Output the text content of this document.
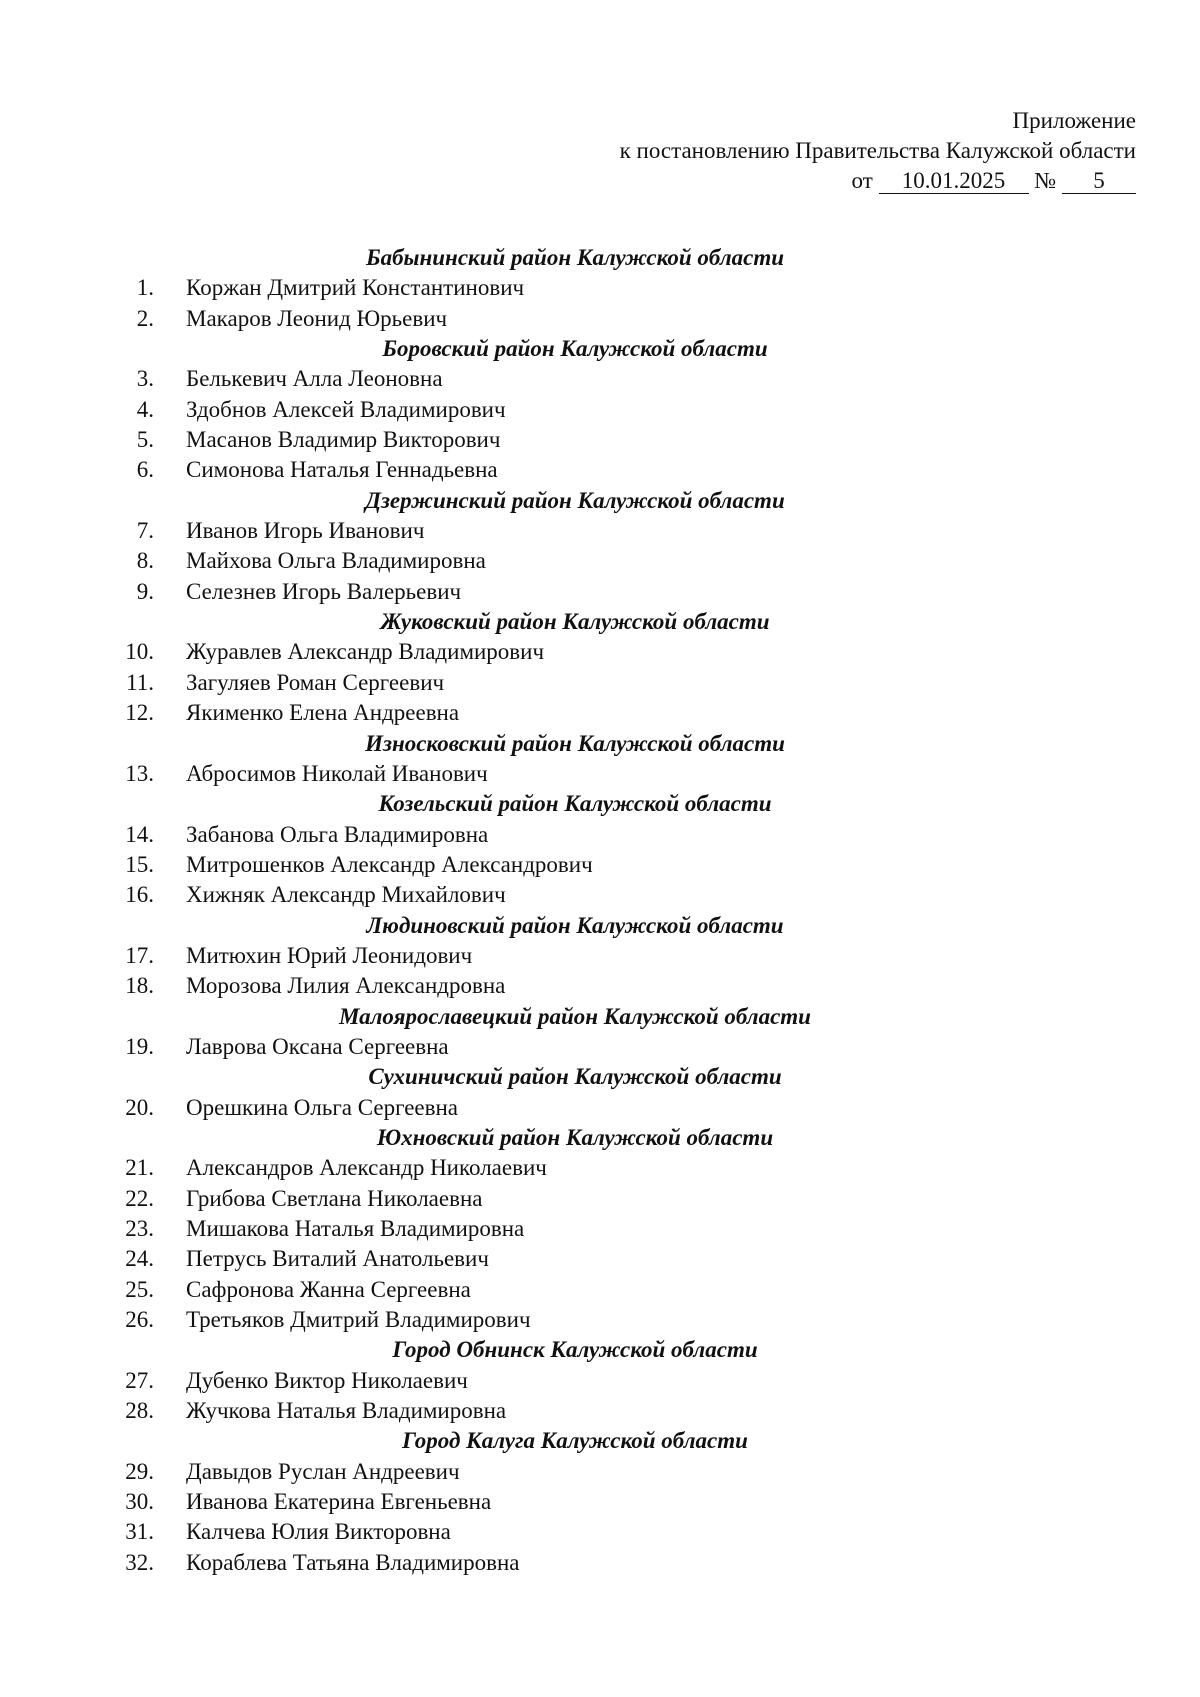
Приложение
к постановлению Правительства Калужской области
от 10.01.2025 № 5
Бабынинский район Калужской области
1. Коржан Дмитрий Константинович
2. Макаров Леонид Юрьевич
Боровский район Калужской области
3. Белькевич Алла Леоновна
4. Здобнов Алексей Владимирович
5. Масанов Владимир Викторович
6. Симонова Наталья Геннадьевна
Дзержинский район Калужской области
7. Иванов Игорь Иванович
8. Майхова Ольга Владимировна
9. Селезнев Игорь Валерьевич
Жуковский район Калужской области
10. Журавлев Александр Владимирович
11. Загуляев Роман Сергеевич
12. Якименко Елена Андреевна
Износковский район Калужской области
13. Абросимов Николай Иванович
Козельский район Калужской области
14. Забанова Ольга Владимировна
15. Митрошенков Александр Александрович
16. Хижняк Александр Михайлович
Людиновский район Калужской области
17. Митюхин Юрий Леонидович
18. Морозова Лилия Александровна
Малоярославецкий район Калужской области
19. Лаврова Оксана Сергеевна
Сухиничский район Калужской области
20. Орешкина Ольга Сергеевна
Юхновский район Калужской области
21. Александров Александр Николаевич
22. Грибова Светлана Николаевна
23. Мишакова Наталья Владимировна
24. Петрусь Виталий Анатольевич
25. Сафронова Жанна Сергеевна
26. Третьяков Дмитрий Владимирович
Город Обнинск Калужской области
27. Дубенко Виктор Николаевич
28. Жучкова Наталья Владимировна
Город Калуга Калужской области
29. Давыдов Руслан Андреевич
30. Иванова Екатерина Евгеньевна
31. Калчева Юлия Викторовна
32. Кораблева Татьяна Владимировна
